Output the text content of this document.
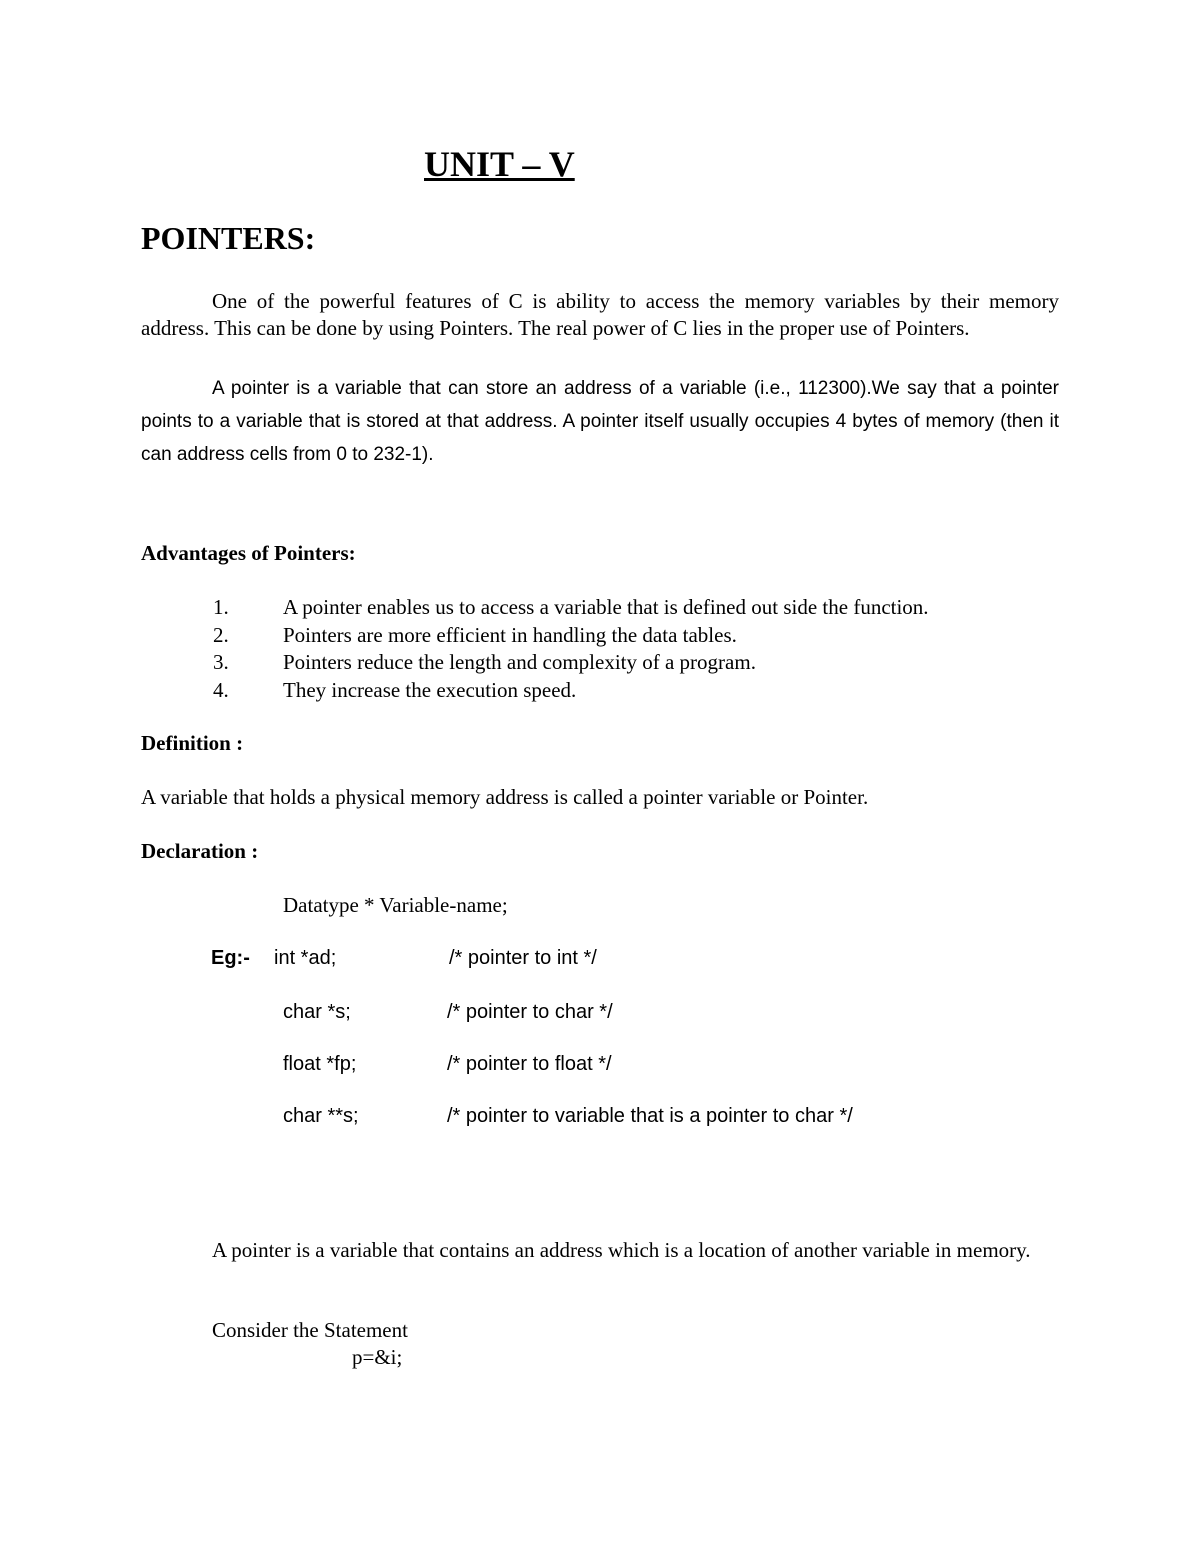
UNIT – V
POINTERS:
One of the powerful features of C is ability to access the memory variables by their memory address. This can be done by using Pointers. The real power of C lies in the proper use of Pointers.
A pointer is a variable that can store an address of a variable (i.e., 112300).We say that a pointer points to a variable that is stored at that address. A pointer itself usually occupies 4 bytes of memory (then it can address cells from 0 to 232-1).
Advantages of Pointers:
1.	A pointer enables us to access a variable that is defined out side the function.
2.	Pointers are more efficient in handling the data tables.
3.	Pointers reduce the length and complexity of a program.
4.	They increase the execution speed.
Definition :
A variable that holds a physical memory address is called a pointer variable or Pointer.
Declaration :
Datatype * Variable-name;
Eg:- int *ad;	/* pointer to int */
char *s;	/* pointer to char */
float *fp;	/* pointer to float */
char **s;	/* pointer to variable that is a pointer to char */
A pointer is a variable that contains an address which is a location of another variable in memory.
Consider the Statement
p=&i;
